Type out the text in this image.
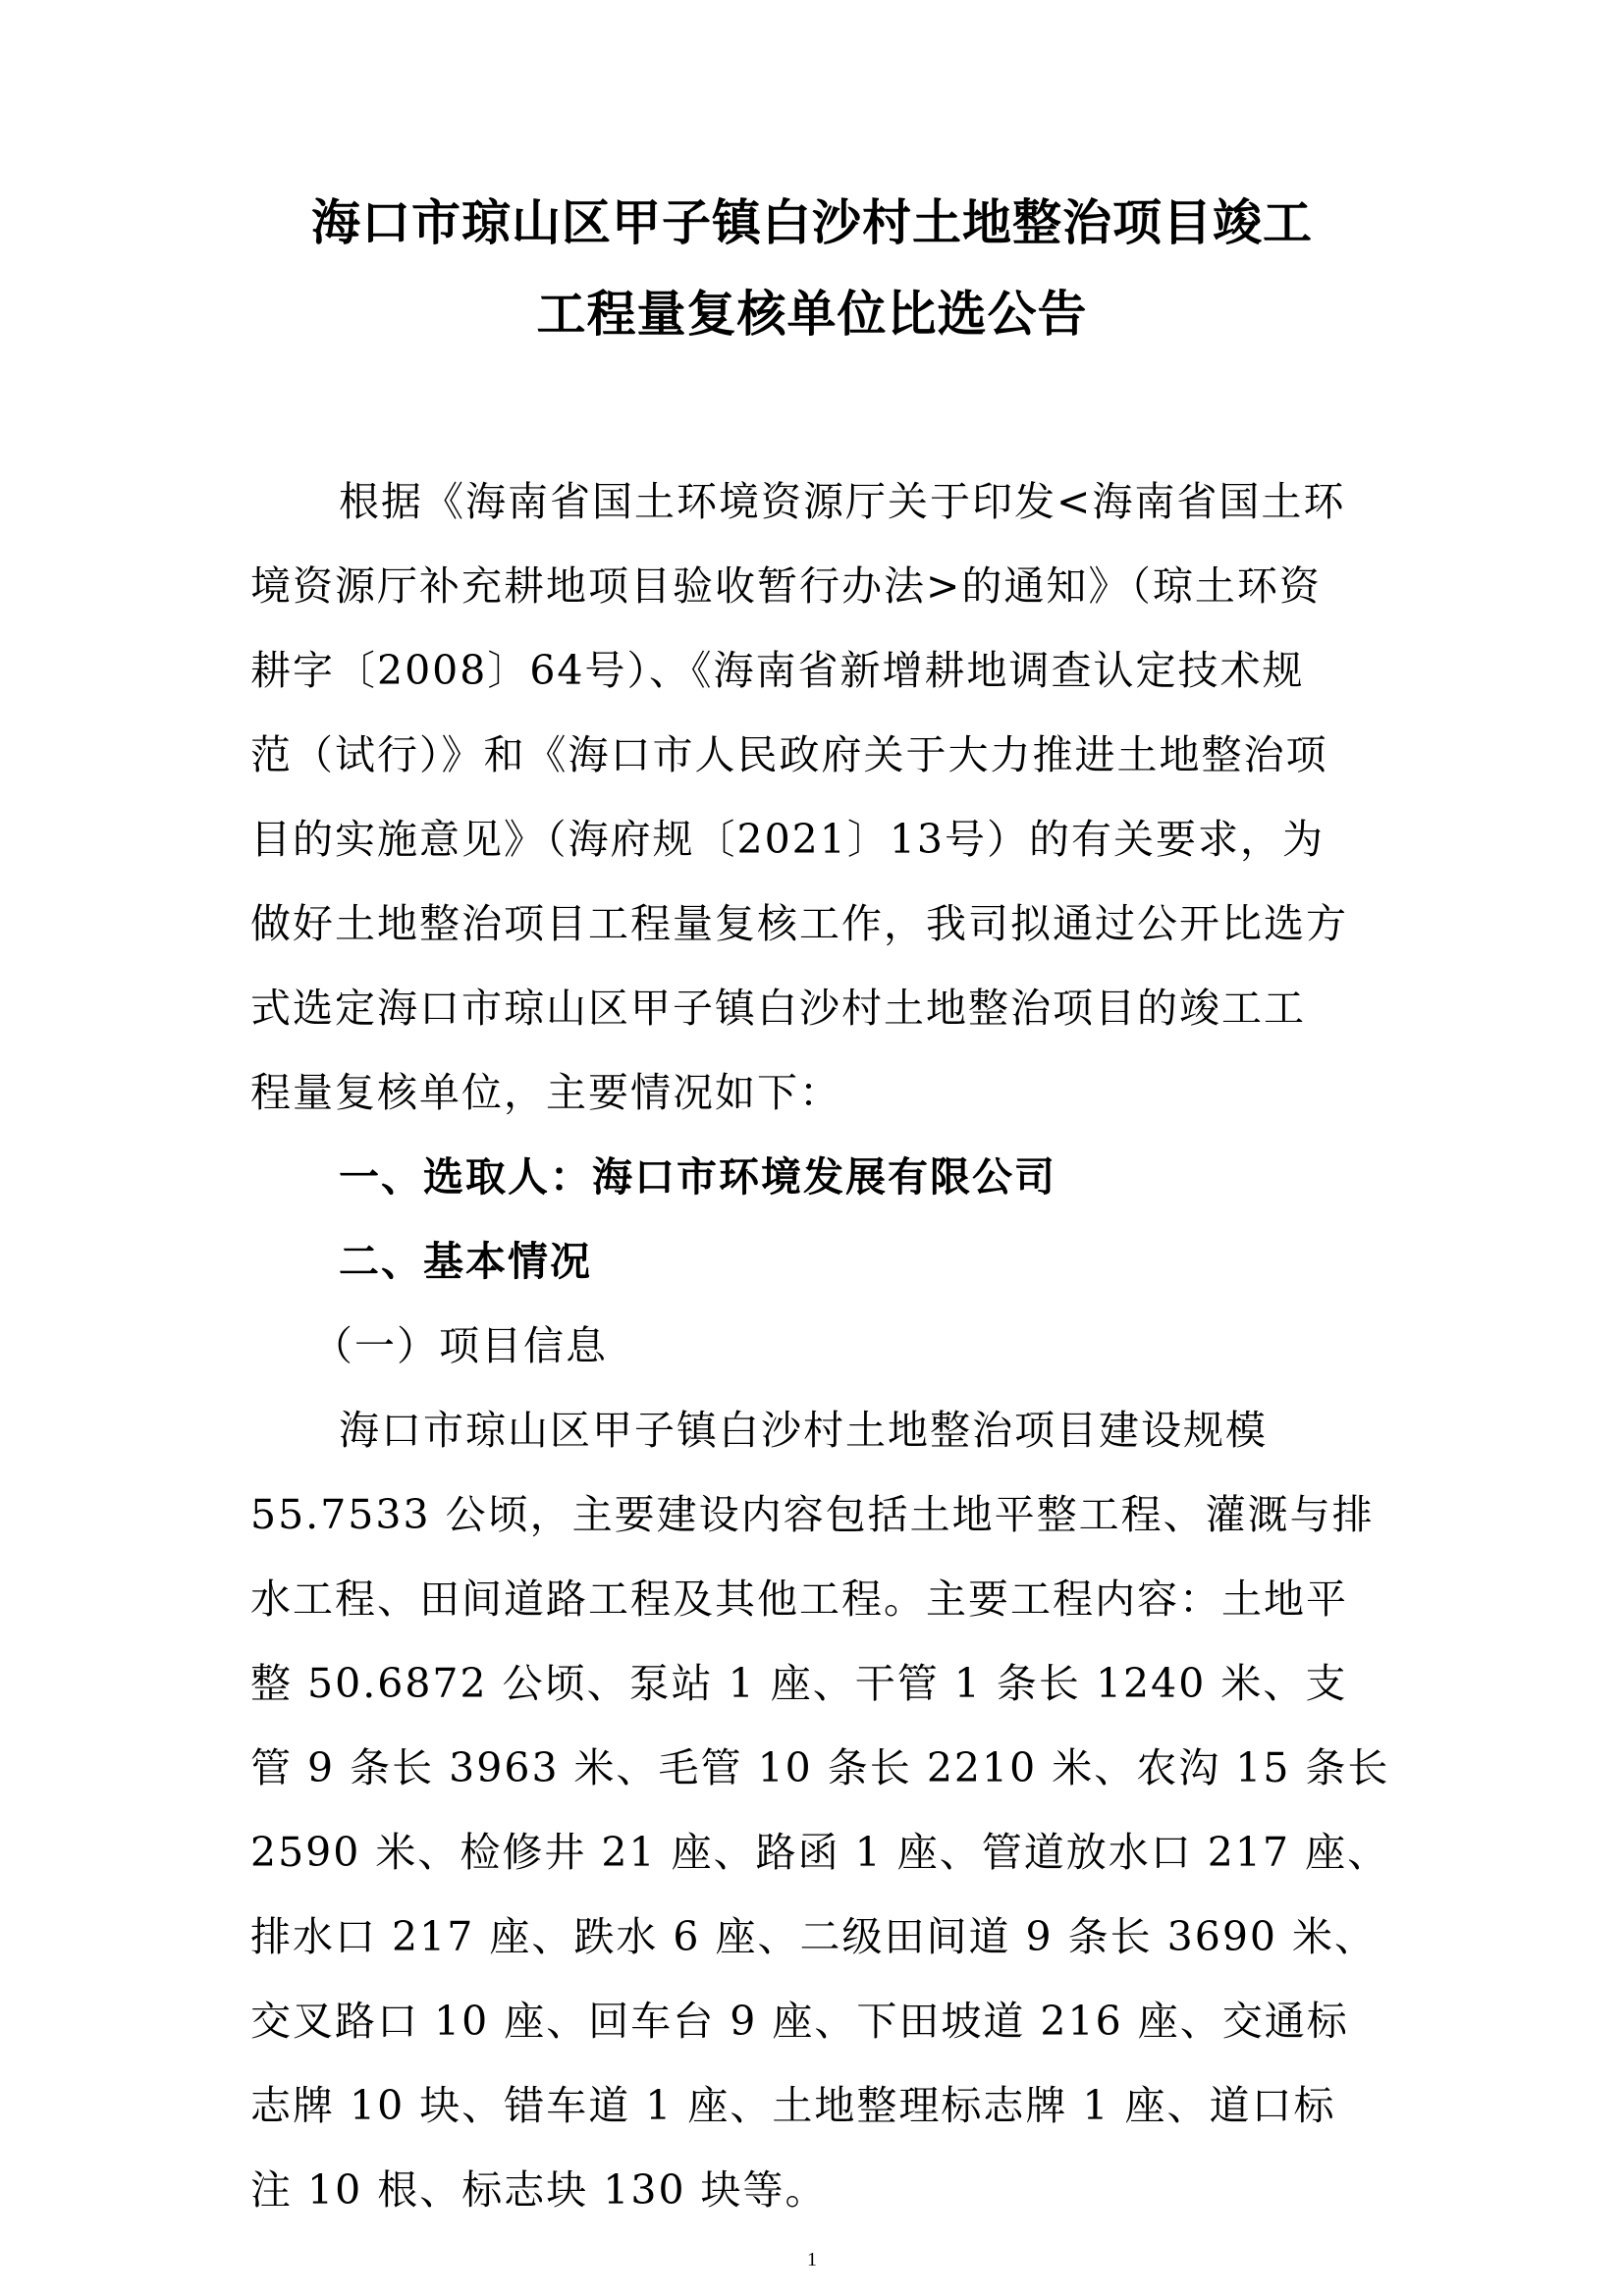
海口市琼山区甲子镇白沙村土地整治项目竣工
工程量复核单位比选公告
根据《海南省国土环境资源厅关于印发<海南省国土环
境资源厅补充耕地项目验收暂行办法>的通知》（琼土环资
耕字〔2008〕64号）、《海南省新增耕地调查认定技术规
范（试行）》和《海口市人民政府关于大力推进土地整治项
目的实施意见》（海府规〔2021〕13号）的有关要求，为
做好土地整治项目工程量复核工作，我司拟通过公开比选方
式选定海口市琼山区甲子镇白沙村土地整治项目的竣工工
程量复核单位，主要情况如下：
一、选取人：海口市环境发展有限公司
二、基本情况
（一）项目信息
海口市琼山区甲子镇白沙村土地整治项目建设规模
55.7533 公顷，主要建设内容包括土地平整工程、灌溉与排
水工程、田间道路工程及其他工程。主要工程内容：土地平
整 50.6872 公顷、泵站 1 座、干管 1 条长 1240 米、支
管 9 条长 3963 米、毛管 10 条长 2210 米、农沟 15 条长
2590 米、检修井 21 座、路函 1 座、管道放水口 217 座、
排水口 217 座、跌水 6 座、二级田间道 9 条长 3690 米、
交叉路口 10 座、回车台 9 座、下田坡道 216 座、交通标
志牌 10 块、错车道 1 座、土地整理标志牌 1 座、道口标
注 10 根、标志块 130 块等。
1
